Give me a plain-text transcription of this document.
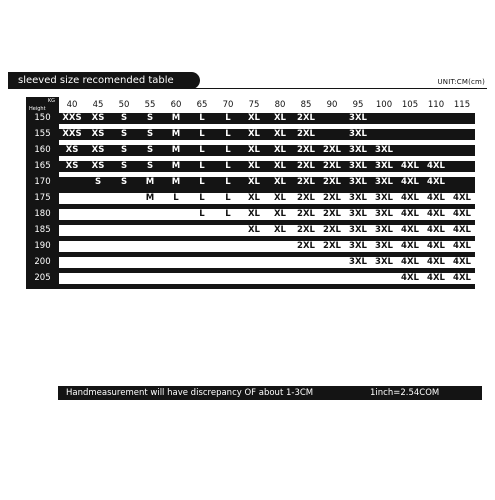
sleeved size recomended table	UNIT:CM(cm)
KG
Height	40	45	50	55	60	65	70	75	80	85	90	95	100	105	110	115
150	XXS	XS	S	S	M	L	L	XL	XL	2XL		3XL				

155	XXS	XS	S	S	M	L	L	XL	XL	2XL		3XL				

160	XS	XS	S	S	M	L	L	XL	XL	2XL	2XL	3XL	3XL			

165	XS	XS	S	S	M	L	L	XL	XL	2XL	2XL	3XL	3XL	4XL	4XL	

170		S	S	M	M	L	L	XL	XL	2XL	2XL	3XL	3XL	4XL	4XL	

175				M	L	L	L	XL	XL	2XL	2XL	3XL	3XL	4XL	4XL	4XL

180						L	L	XL	XL	2XL	2XL	3XL	3XL	4XL	4XL	4XL

185								XL	XL	2XL	2XL	3XL	3XL	4XL	4XL	4XL

190										2XL	2XL	3XL	3XL	4XL	4XL	4XL

200												3XL	3XL	4XL	4XL	4XL

205														4XL	4XL	4XL

Handmeasurement will have discrepancy OF about 1-3CM	1inch=2.54COM
